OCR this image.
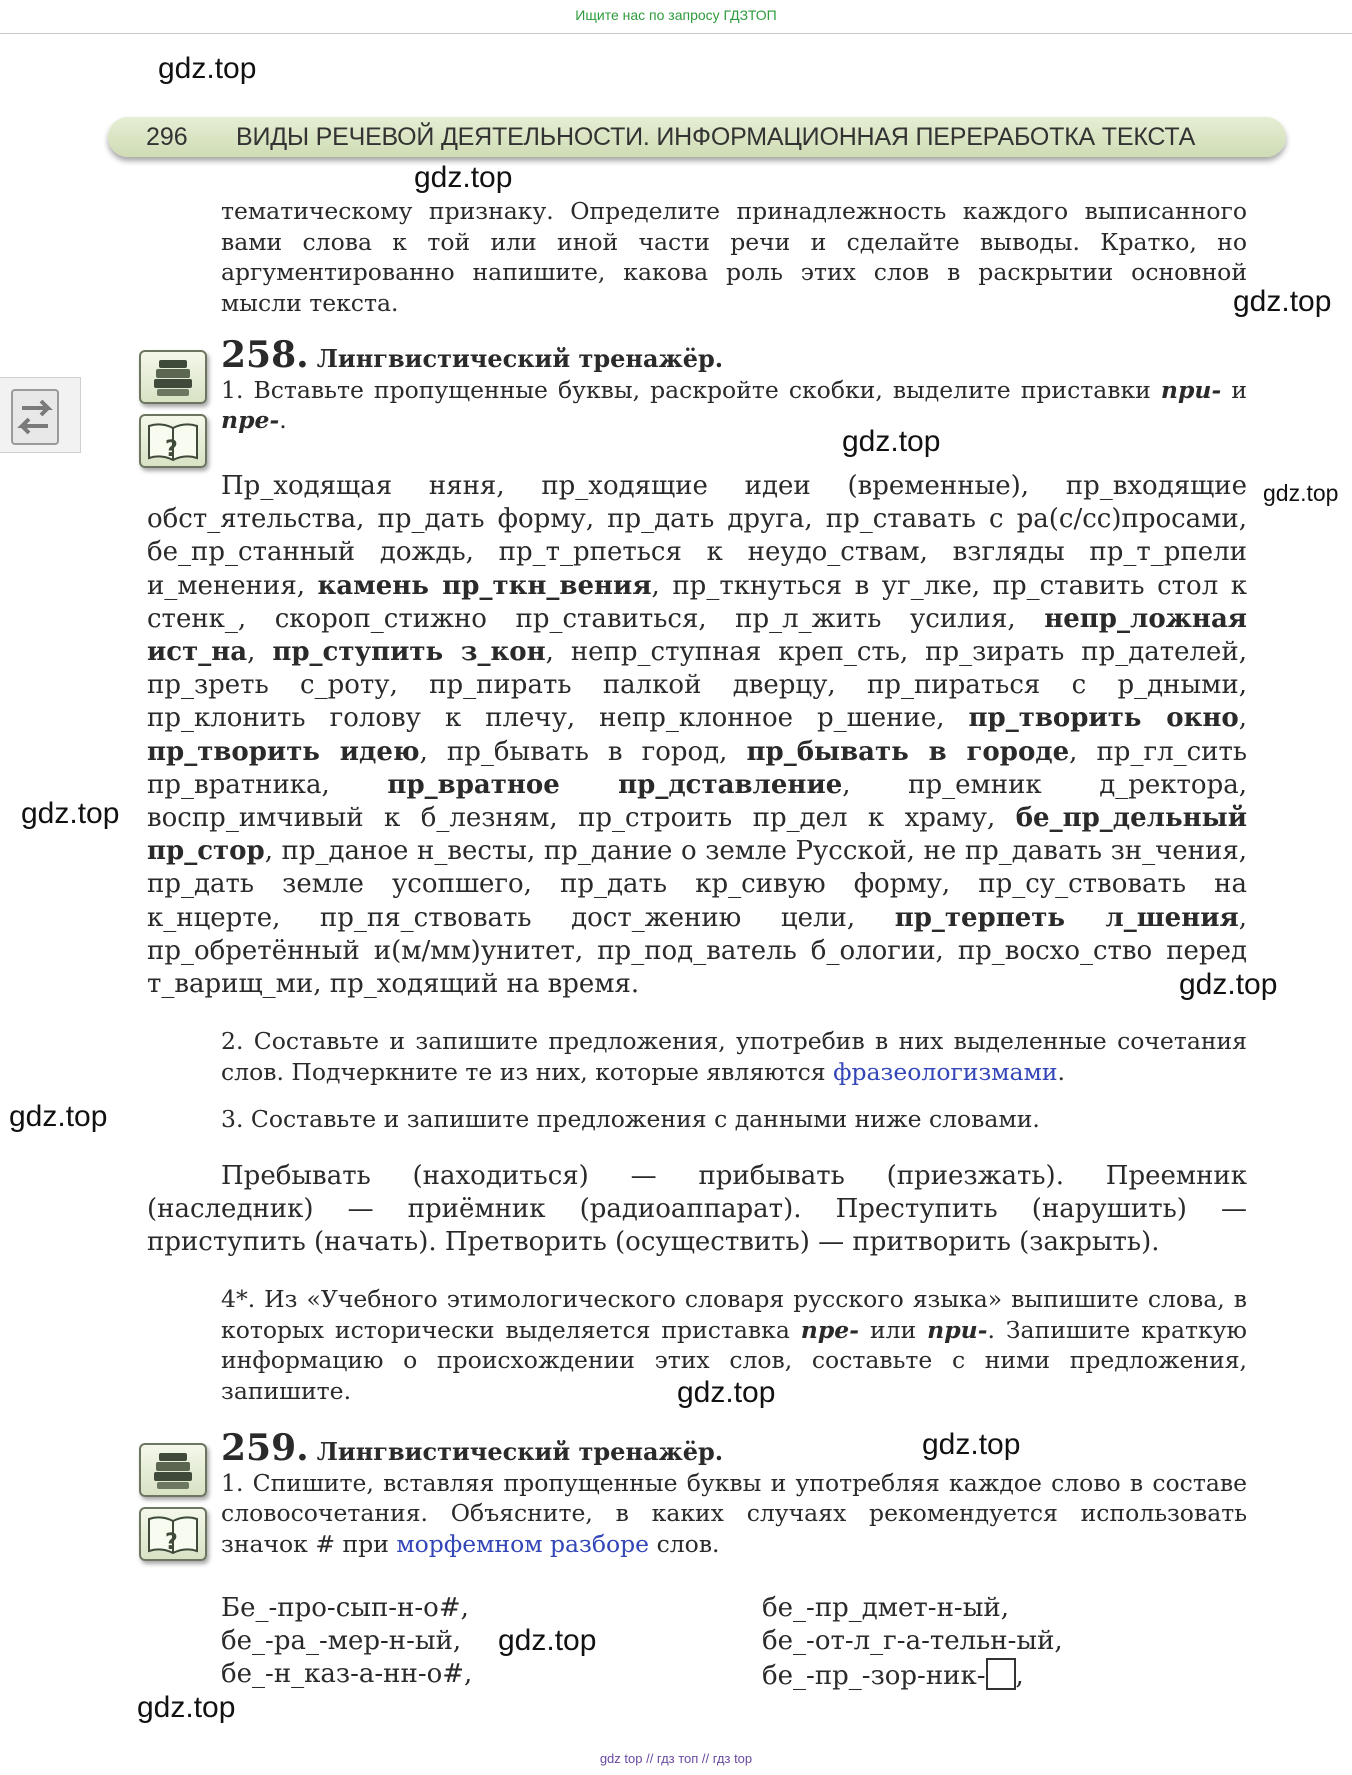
Ищите нас по запросу ГДЗТОП
296 ВИДЫ РЕЧЕВОЙ ДЕЯТЕЛЬНОСТИ. ИНФОРМАЦИОННАЯ ПЕРЕРАБОТКА ТЕКСТА
тематическому признаку. Определите принадлежность каждого выписанного вами слова к той или иной части речи и сделайте выводы. Кратко, но аргументированно напишите, какова роль этих слов в раскрытии основной мысли текста.
?
258. Лингвистический тренажёр.
1. Вставьте пропущенные буквы, раскройте скобки, выделите приставки при- и пре-.
Пр_ходящая няня, пр_ходящие идеи (временные), пр_входящие обст_ятельства, пр_дать форму, пр_дать друга, пр_ставать с ра(с/сс)просами, бе_пр_станный дождь, пр_т_рпеться к неудо_ствам, взгляды пр_т_рпели и_менения, камень пр_ткн_вения, пр_ткнуться в уг_лке, пр_ставить стол к стенк_, скороп_стижно пр_ставиться, пр_л_жить усилия, непр_ложная ист_на, пр_ступить з_кон, непр_ступная креп_сть, пр_зирать пр_дателей, пр_зреть с_роту, пр_пирать палкой дверцу, пр_пираться с р_дными, пр_клонить голову к плечу, непр_клонное р_шение, пр_творить окно, пр_творить идею, пр_бывать в город, пр_бывать в городе, пр_гл_сить пр_вратника, пр_вратное пр_дставление, пр_емник д_ректора, воспр_имчивый к б_лезням, пр_строить пр_дел к храму, бе_пр_дельный пр_стор, пр_даное н_весты, пр_дание о земле Русской, не пр_давать зн_чения, пр_дать земле усопшего, пр_дать кр_сивую форму, пр_су_ствовать на к_нцерте, пр_пя_ствовать дост_жению цели, пр_терпеть л_шения, пр_обретённый и(м/мм)унитет, пр_под_ватель б_ологии, пр_восхо_ство перед т_варищ_ми, пр_ходящий на время.
2. Составьте и запишите предложения, употребив в них выделенные сочетания слов. Подчеркните те из них, которые являются фразеологизмами.
3. Составьте и запишите предложения с данными ниже словами.
Пребывать (находиться) — прибывать (приезжать). Преемник (наследник) — приёмник (радиоаппарат). Преступить (нарушить) — приступить (начать). Претворить (осуществить) — притворить (закрыть).
4*. Из «Учебного этимологического словаря русского языка» выпишите слова, в которых исторически выделяется приставка пре- или при-. Запишите краткую информацию о происхождении этих слов, составьте с ними предложения, запишите.
?
259. Лингвистический тренажёр.
1. Спишите, вставляя пропущенные буквы и употребляя каждое слово в составе словосочетания. Объясните, в каких случаях рекомендуется использовать значок # при морфемном разборе слов.
Бе_-про-сып-н-о#,
бе_-ра_-мер-н-ый,
бе_-н_каз-а-нн-о#,
бе_-пр_дмет-н-ый,
бе_-от-л_г-а-тельн-ый,
бе_-пр_-зор-ник- ,
gdz.top
gdz.top
gdz.top
gdz.top
gdz.top
gdz.top
gdz.top
gdz.top
gdz.top
gdz.top
gdz.top
gdz.top
gdz top // гдз топ // гдз top
